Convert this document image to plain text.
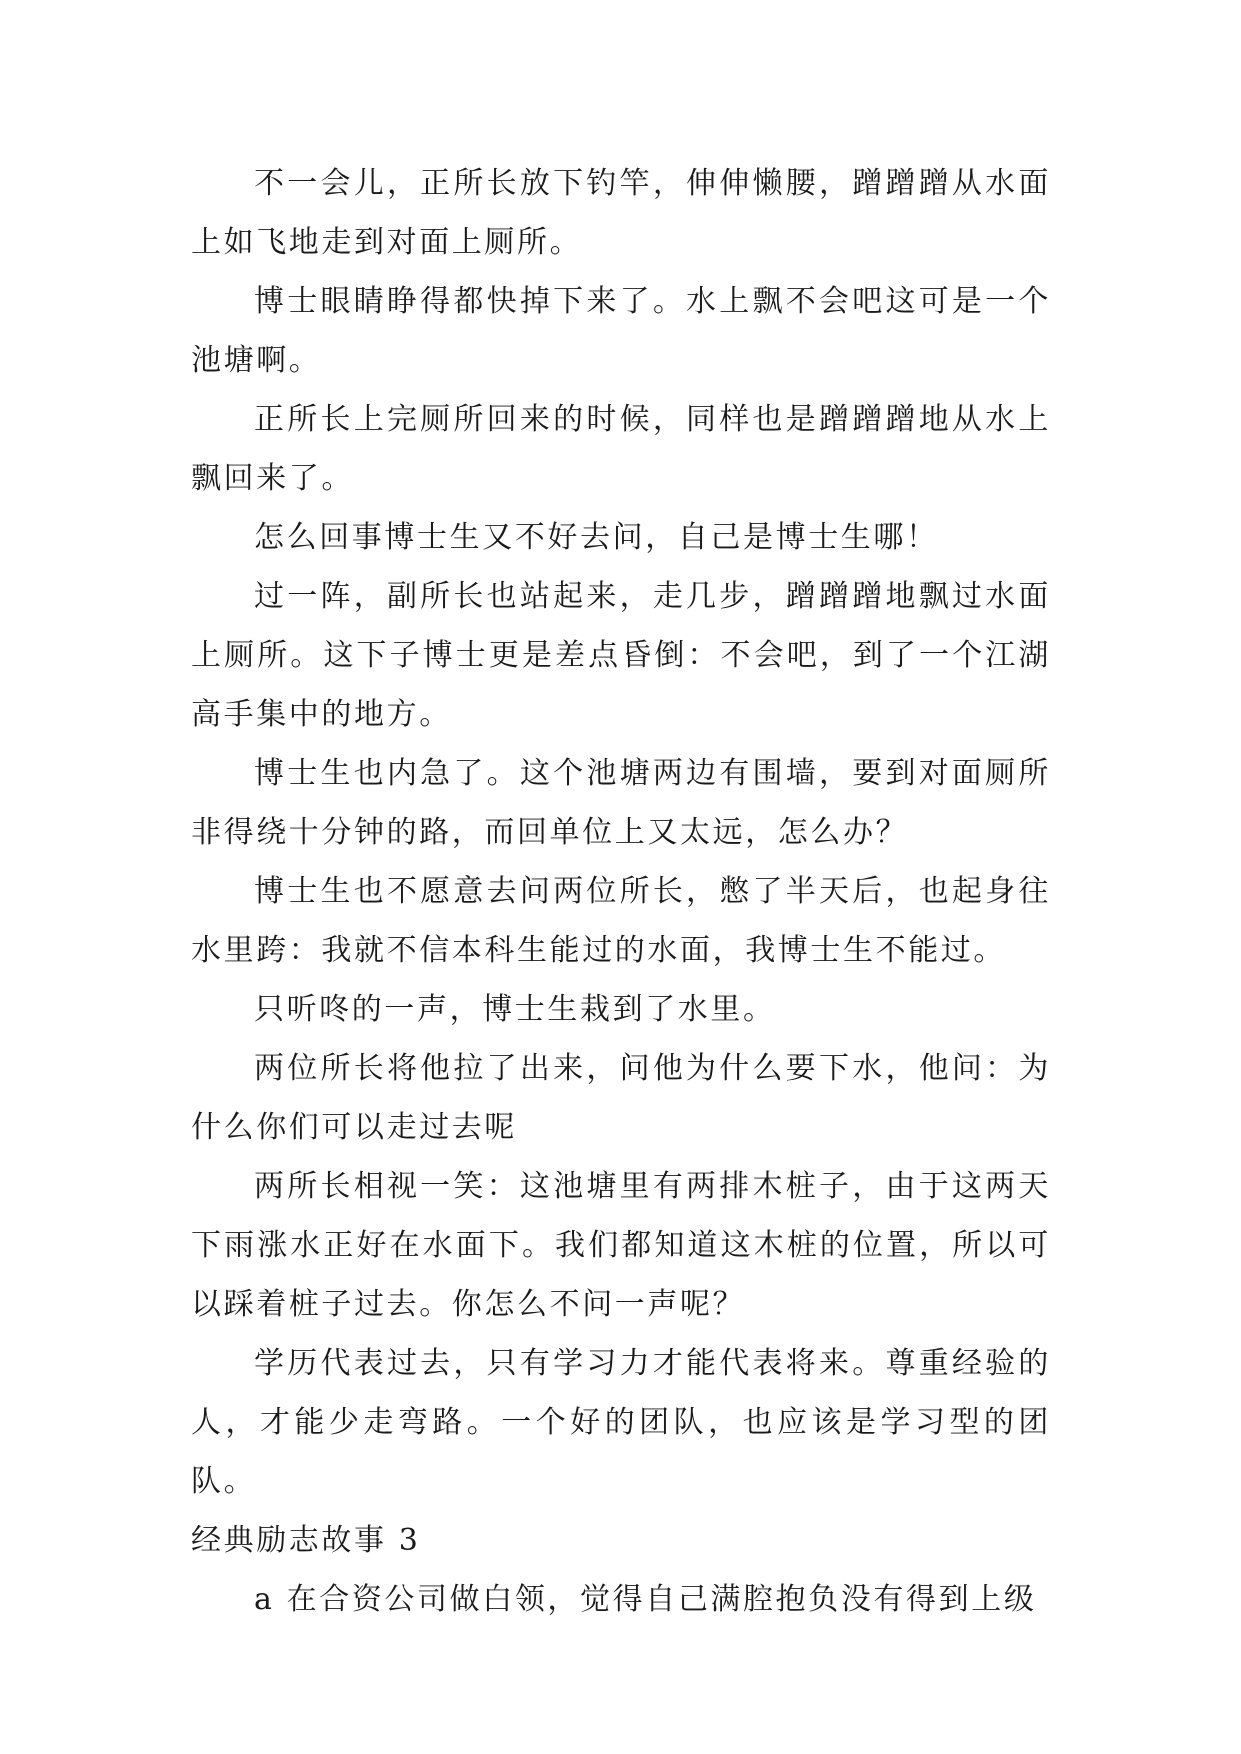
不一会儿，正所长放下钓竿，伸伸懒腰，蹭蹭蹭从水面上如飞地走到对面上厕所。

博士眼睛睁得都快掉下来了。水上飘不会吧这可是一个池塘啊。

正所长上完厕所回来的时候，同样也是蹭蹭蹭地从水上飘回来了。

怎么回事博士生又不好去问，自己是博士生哪！

过一阵，副所长也站起来，走几步，蹭蹭蹭地飘过水面上厕所。这下子博士更是差点昏倒：不会吧，到了一个江湖高手集中的地方。

博士生也内急了。这个池塘两边有围墙，要到对面厕所非得绕十分钟的路，而回单位上又太远，怎么办？

博士生也不愿意去问两位所长，憋了半天后，也起身往水里跨：我就不信本科生能过的水面，我博士生不能过。

只听咚的一声，博士生栽到了水里。

两位所长将他拉了出来，问他为什么要下水，他问：为什么你们可以走过去呢

两所长相视一笑：这池塘里有两排木桩子，由于这两天下雨涨水正好在水面下。我们都知道这木桩的位置，所以可以踩着桩子过去。你怎么不问一声呢？

学历代表过去，只有学习力才能代表将来。尊重经验的人，才能少走弯路。一个好的团队，也应该是学习型的团队。

经典励志故事 3

a 在合资公司做白领，觉得自己满腔抱负没有得到上级
